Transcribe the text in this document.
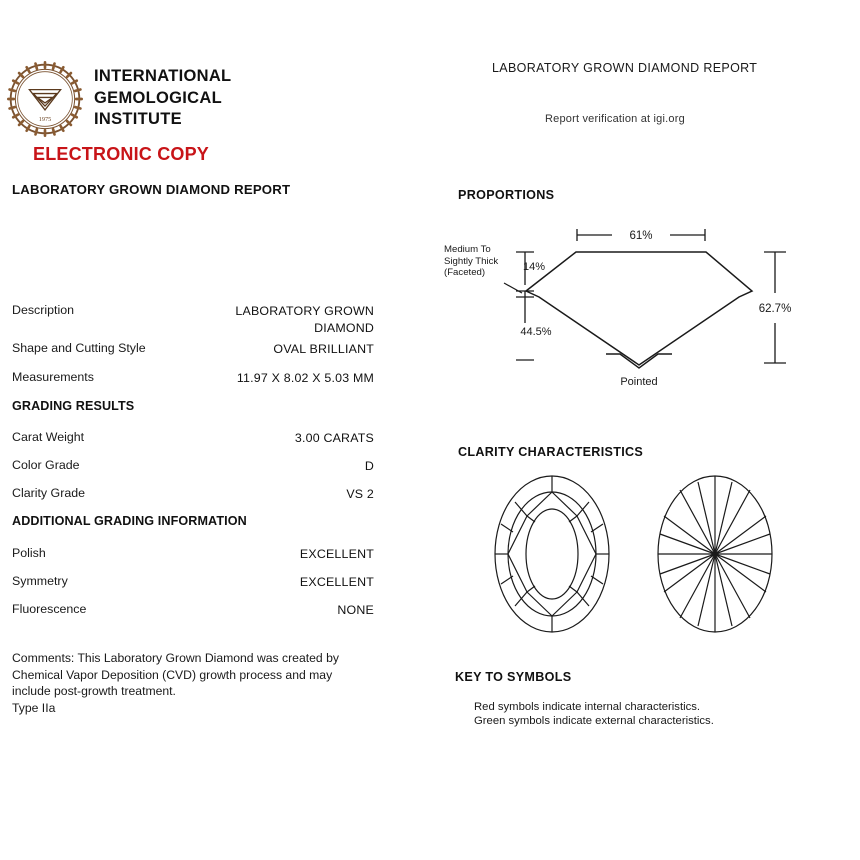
1975
INTERNATIONAL
GEMOLOGICAL
INSTITUTE
ELECTRONIC COPY
LABORATORY GROWN DIAMOND REPORT
Report verification at igi.org
LABORATORY GROWN DIAMOND REPORT
Description	LABORATORY GROWN
DIAMOND
Shape and Cutting Style	OVAL BRILLIANT
Measurements	11.97 X 8.02 X 5.03 MM
GRADING RESULTS
Carat Weight	3.00 CARATS
Color Grade	D
Clarity Grade	VS 2
ADDITIONAL GRADING INFORMATION
Polish	EXCELLENT
Symmetry	EXCELLENT
Fluorescence	NONE
Comments: This Laboratory Grown Diamond was created by Chemical Vapor Deposition (CVD) growth process and may include post-growth treatment.
Type IIa
PROPORTIONS
61%
14%
44.5%
62.7%
Pointed
Medium To
Sightly Thick
(Faceted)
CLARITY CHARACTERISTICS
KEY TO SYMBOLS
Red symbols indicate internal characteristics.
Green symbols indicate external characteristics.
